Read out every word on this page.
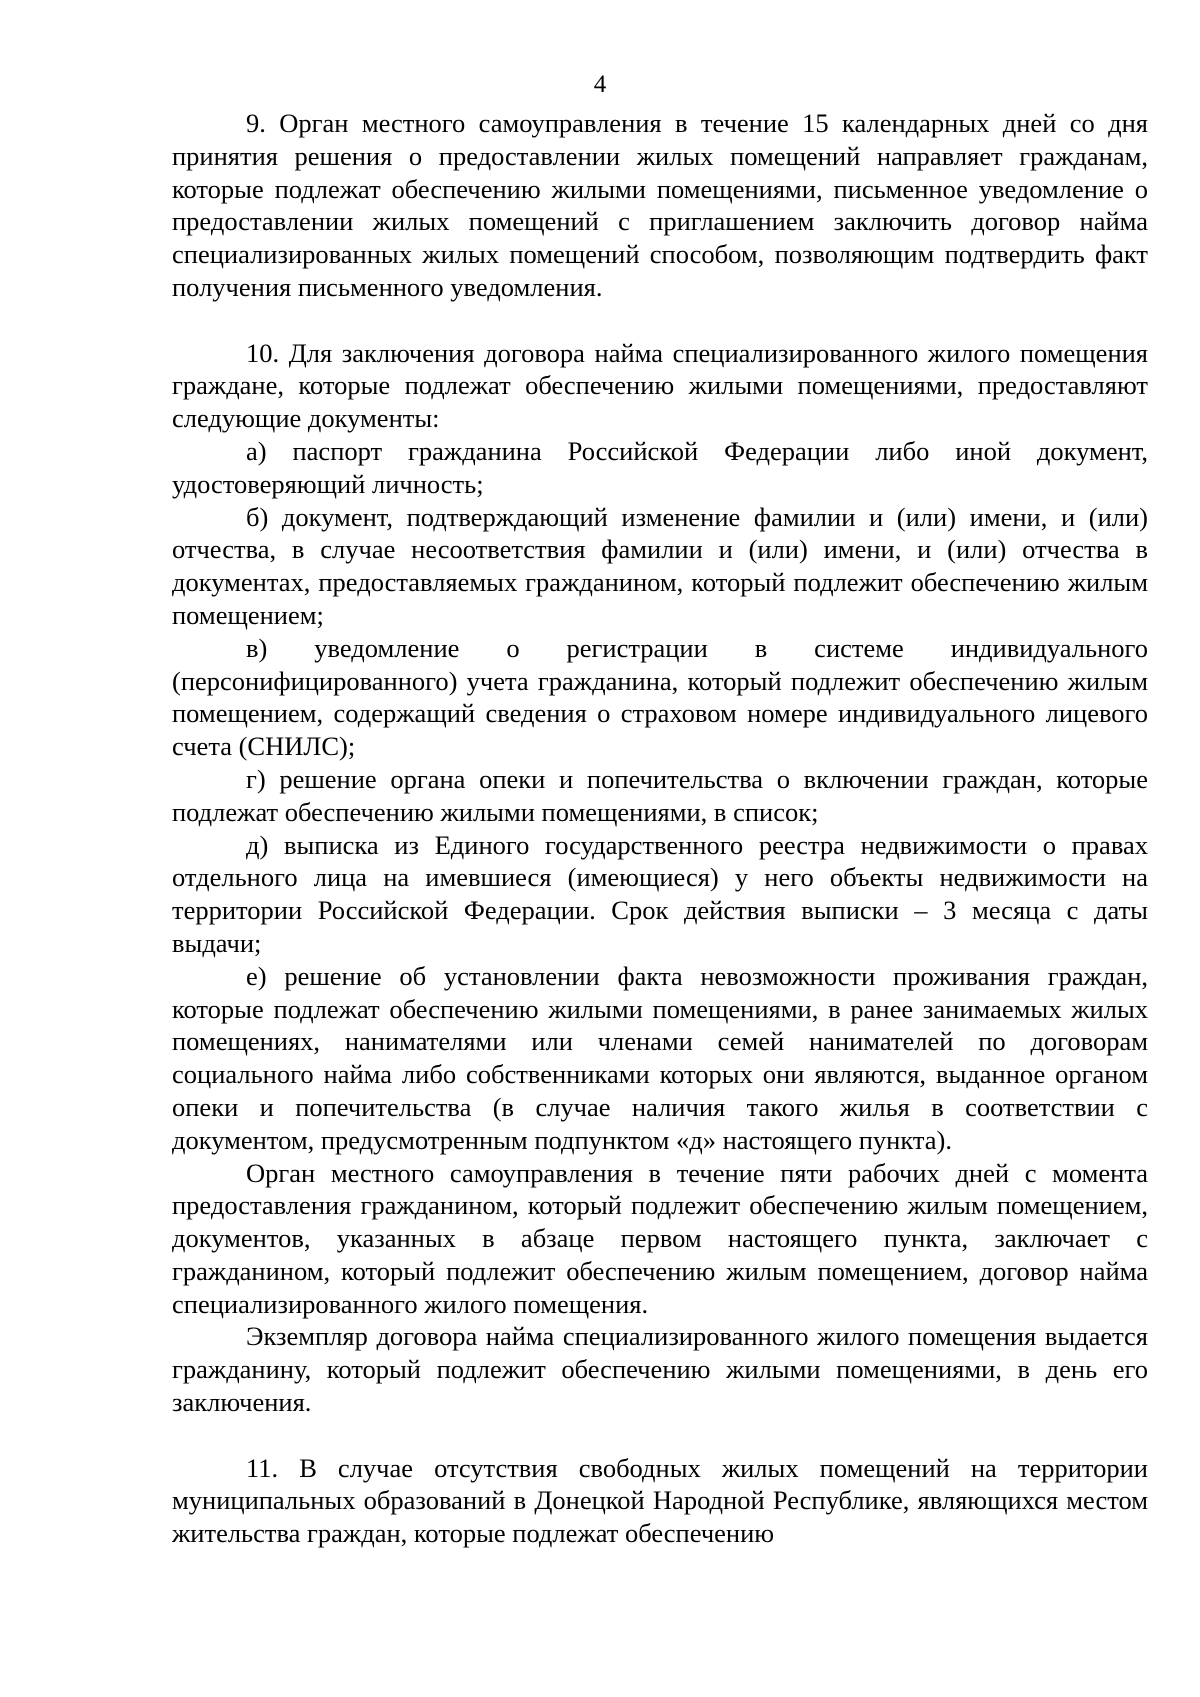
4

9. Орган местного самоуправления в течение 15 календарных дней со дня принятия решения о предоставлении жилых помещений направляет гражданам, которые подлежат обеспечению жилыми помещениями, письменное уведомление о предоставлении жилых помещений с приглашением заключить договор найма специализированных жилых помещений способом, позволяющим подтвердить факт получения письменного уведомления.

10. Для заключения договора найма специализированного жилого помещения граждане, которые подлежат обеспечению жилыми помещениями, предоставляют следующие документы:

а) паспорт гражданина Российской Федерации либо иной документ, удостоверяющий личность;

б) документ, подтверждающий изменение фамилии и (или) имени, и (или) отчества, в случае несоответствия фамилии и (или) имени, и (или) отчества в документах, предоставляемых гражданином, который подлежит обеспечению жилым помещением;

в) уведомление о регистрации в системе индивидуального (персонифицированного) учета гражданина, который подлежит обеспечению жилым помещением, содержащий сведения о страховом номере индивидуального лицевого счета (СНИЛС);

г) решение органа опеки и попечительства о включении граждан, которые подлежат обеспечению жилыми помещениями, в список;

д) выписка из Единого государственного реестра недвижимости о правах отдельного лица на имевшиеся (имеющиеся) у него объекты недвижимости на территории Российской Федерации. Срок действия выписки – 3 месяца с даты выдачи;

е) решение об установлении факта невозможности проживания граждан, которые подлежат обеспечению жилыми помещениями, в ранее занимаемых жилых помещениях, нанимателями или членами семей нанимателей по договорам социального найма либо собственниками которых они являются, выданное органом опеки и попечительства (в случае наличия такого жилья в соответствии с документом, предусмотренным подпунктом «д» настоящего пункта).

Орган местного самоуправления в течение пяти рабочих дней с момента предоставления гражданином, который подлежит обеспечению жилым помещением, документов, указанных в абзаце первом настоящего пункта, заключает с гражданином, который подлежит обеспечению жилым помещением, договор найма специализированного жилого помещения.

Экземпляр договора найма специализированного жилого помещения выдается гражданину, который подлежит обеспечению жилыми помещениями, в день его заключения.

11. В случае отсутствия свободных жилых помещений на территории муниципальных образований в Донецкой Народной Республике, являющихся местом жительства граждан, которые подлежат обеспечению
